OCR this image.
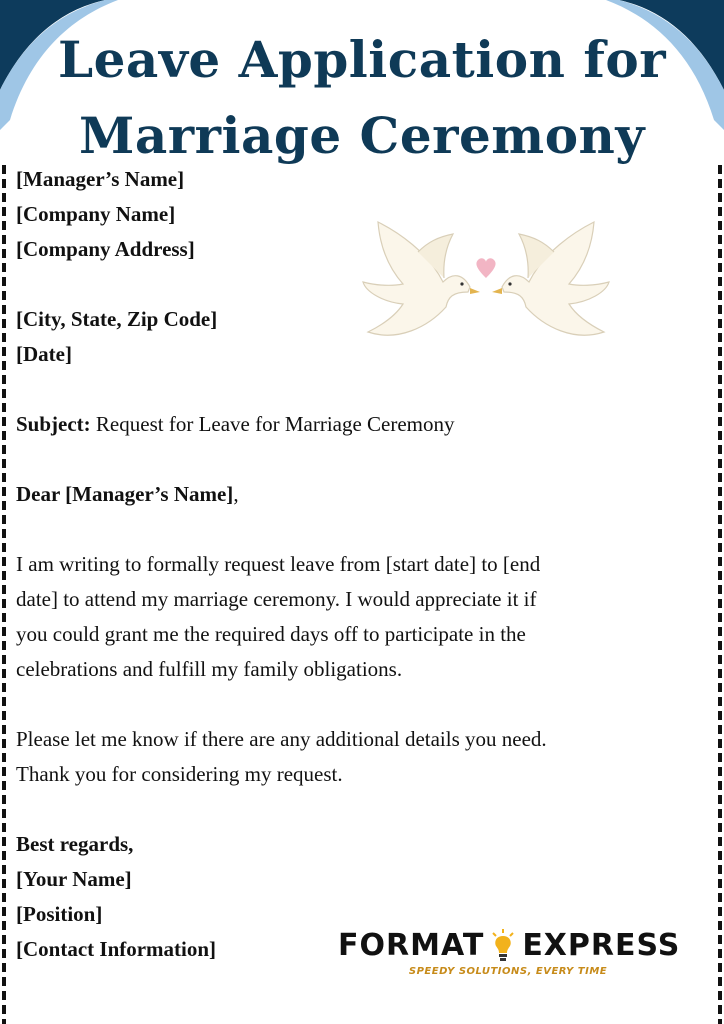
Leave Application for
Marriage Ceremony
[Manager’s Name]
[Company Name]
[Company Address]
[City, State, Zip Code]
[Date]
Subject: Request for Leave for Marriage Ceremony
Dear [Manager’s Name],
I am writing to formally request leave from [start date] to [end
date] to attend my marriage ceremony. I would appreciate it if
you could grant me the required days off to participate in the
celebrations and fulfill my family obligations.
Please let me know if there are any additional details you need.
Thank you for considering my request.
Best regards,
[Your Name]
[Position]
[Contact Information]	FORMAT EXPRESS
SPEEDY SOLUTIONS, EVERY TIME
